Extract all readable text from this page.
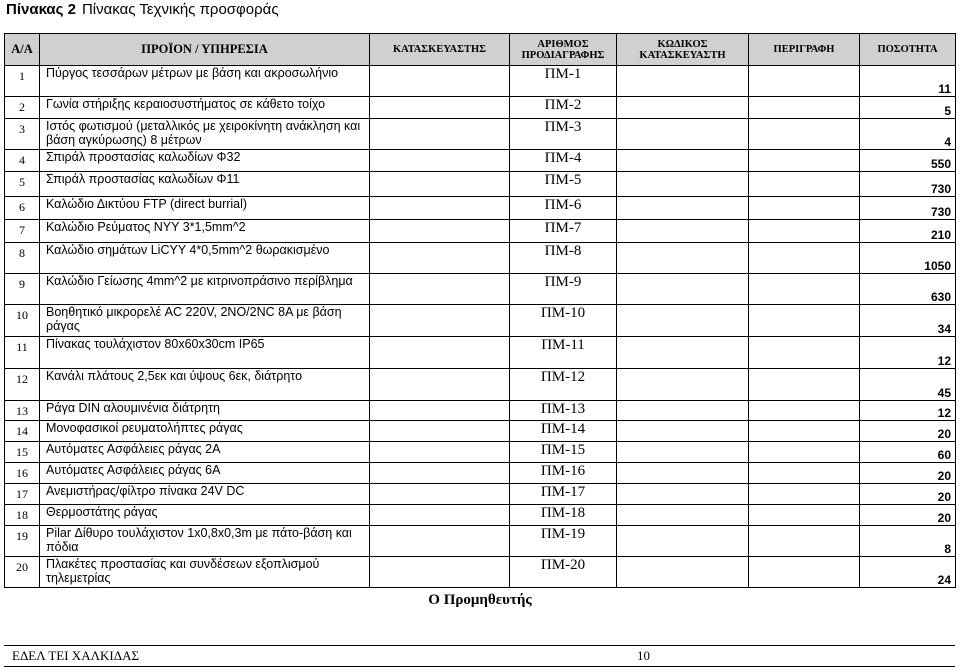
Πίνακας 2 Πίνακας Τεχνικής προσφοράς
Α/Α	ΠΡΟΪΟΝ / ΥΠΗΡΕΣΙΑ	ΚΑΤΑΣΚΕΥΑΣΤΗΣ	ΑΡΙΘΜΟΣ ΠΡΟΔΙΑΓΡΑΦΗΣ	ΚΩΔΙΚΟΣ ΚΑΤΑΣΚΕΥΑΣΤΗ	ΠΕΡΙΓΡΑΦΗ	ΠΟΣΟΤΗΤΑ

1	Πύργος τεσσάρων μέτρων με βάση και ακροσωλήνιο		ΠΜ-1			11

2	Γωνία στήριξης κεραιοσυστήματος σε κάθετο τοίχο		ΠΜ-2			5

3	Ιστός φωτισμού (μεταλλικός με χειροκίνητη ανάκληση και βάση αγκύρωσης) 8 μέτρων		ΠΜ-3			4

4	Σπιράλ προστασίας καλωδίων Φ32		ΠΜ-4			550

5	Σπιράλ προστασίας καλωδίων Φ11		ΠΜ-5			730

6	Καλώδιο Δικτύου FTP (direct burrial)		ΠΜ-6			730

7	Καλώδιο Ρεύματος NYY 3*1,5mm^2		ΠΜ-7			210

8	Καλώδιο σημάτων LiCYY 4*0,5mm^2 θωρακισμένο		ΠΜ-8			1050

9	Καλώδιο Γείωσης 4mm^2 με κιτρινοπράσινο περίβλημα		ΠΜ-9			630

10	Βοηθητικό μικρορελέ AC 220V, 2NO/2NC 8A με βάση ράγας		ΠΜ-10			34

11	Πίνακας τουλάχιστον 80x60x30cm IP65		ΠΜ-11			12

12	Κανάλι πλάτους 2,5εκ και ύψους 6εκ, διάτρητο		ΠΜ-12			45

13	Ράγα DIN αλουμινένια διάτρητη		ΠΜ-13			12

14	Μονοφασικοί ρευματολήπτες ράγας		ΠΜ-14			20

15	Αυτόματες Ασφάλειες ράγας 2A		ΠΜ-15			60

16	Αυτόματες Ασφάλειες ράγας 6A		ΠΜ-16			20

17	Ανεμιστήρας/φίλτρο πίνακα 24V DC		ΠΜ-17			20

18	Θερμοστάτης ράγας		ΠΜ-18			20

19	Pilar Δίθυρο τουλάχιστον 1x0,8x0,3m με πάτο-βάση και πόδια		ΠΜ-19			8

20	Πλακέτες προστασίας και συνδέσεων εξοπλισμού τηλεμετρίας		ΠΜ-20			24
Ο Προμηθευτής
ΕΔΕΛ ΤΕΙ ΧΑΛΚΙΔΑΣ	10
